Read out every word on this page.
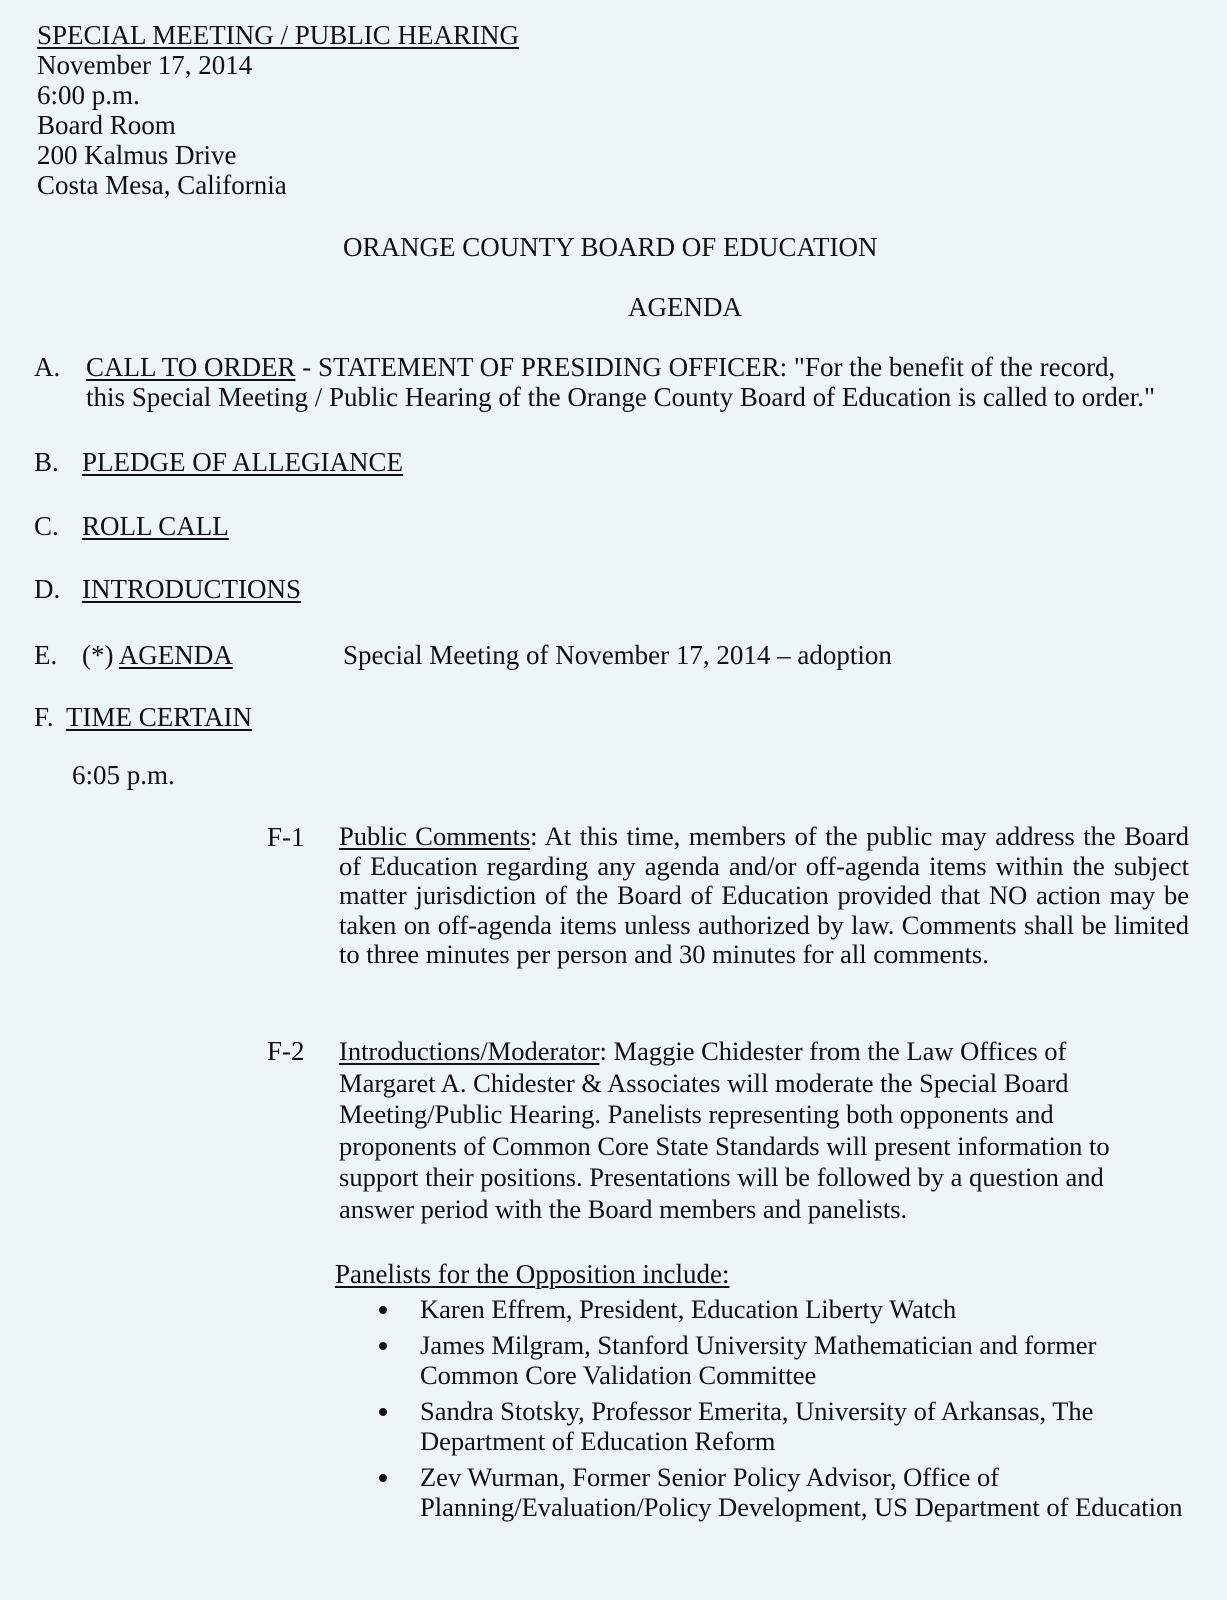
SPECIAL MEETING / PUBLIC HEARING
November 17, 2014
6:00 p.m.
Board Room
200 Kalmus Drive
Costa Mesa, California
ORANGE COUNTY BOARD OF EDUCATION
AGENDA
A. CALL TO ORDER - STATEMENT OF PRESIDING OFFICER: "For the benefit of the record,
this Special Meeting / Public Hearing of the Orange County Board of Education is called to order."
B. PLEDGE OF ALLEGIANCE
C. ROLL CALL
D. INTRODUCTIONS
E. (*) AGENDA	Special Meeting of November 17, 2014 – adoption
F. TIME CERTAIN
6:05 p.m.
F-1 Public Comments: At this time, members of the public may address the Board of Education regarding any agenda and/or off-agenda items within the subject matter jurisdiction of the Board of Education provided that NO action may be taken on off-agenda items unless authorized by law. Comments shall be limited to three minutes per person and 30 minutes for all comments.
F-2 Introductions/Moderator: Maggie Chidester from the Law Offices of Margaret A. Chidester & Associates will moderate the Special Board Meeting/Public Hearing. Panelists representing both opponents and proponents of Common Core State Standards will present information to support their positions. Presentations will be followed by a question and answer period with the Board members and panelists.
Panelists for the Opposition include:
Karen Effrem, President, Education Liberty Watch
James Milgram, Stanford University Mathematician and former Common Core Validation Committee
Sandra Stotsky, Professor Emerita, University of Arkansas, The Department of Education Reform
Zev Wurman, Former Senior Policy Advisor, Office of Planning/Evaluation/Policy Development, US Department of Education
